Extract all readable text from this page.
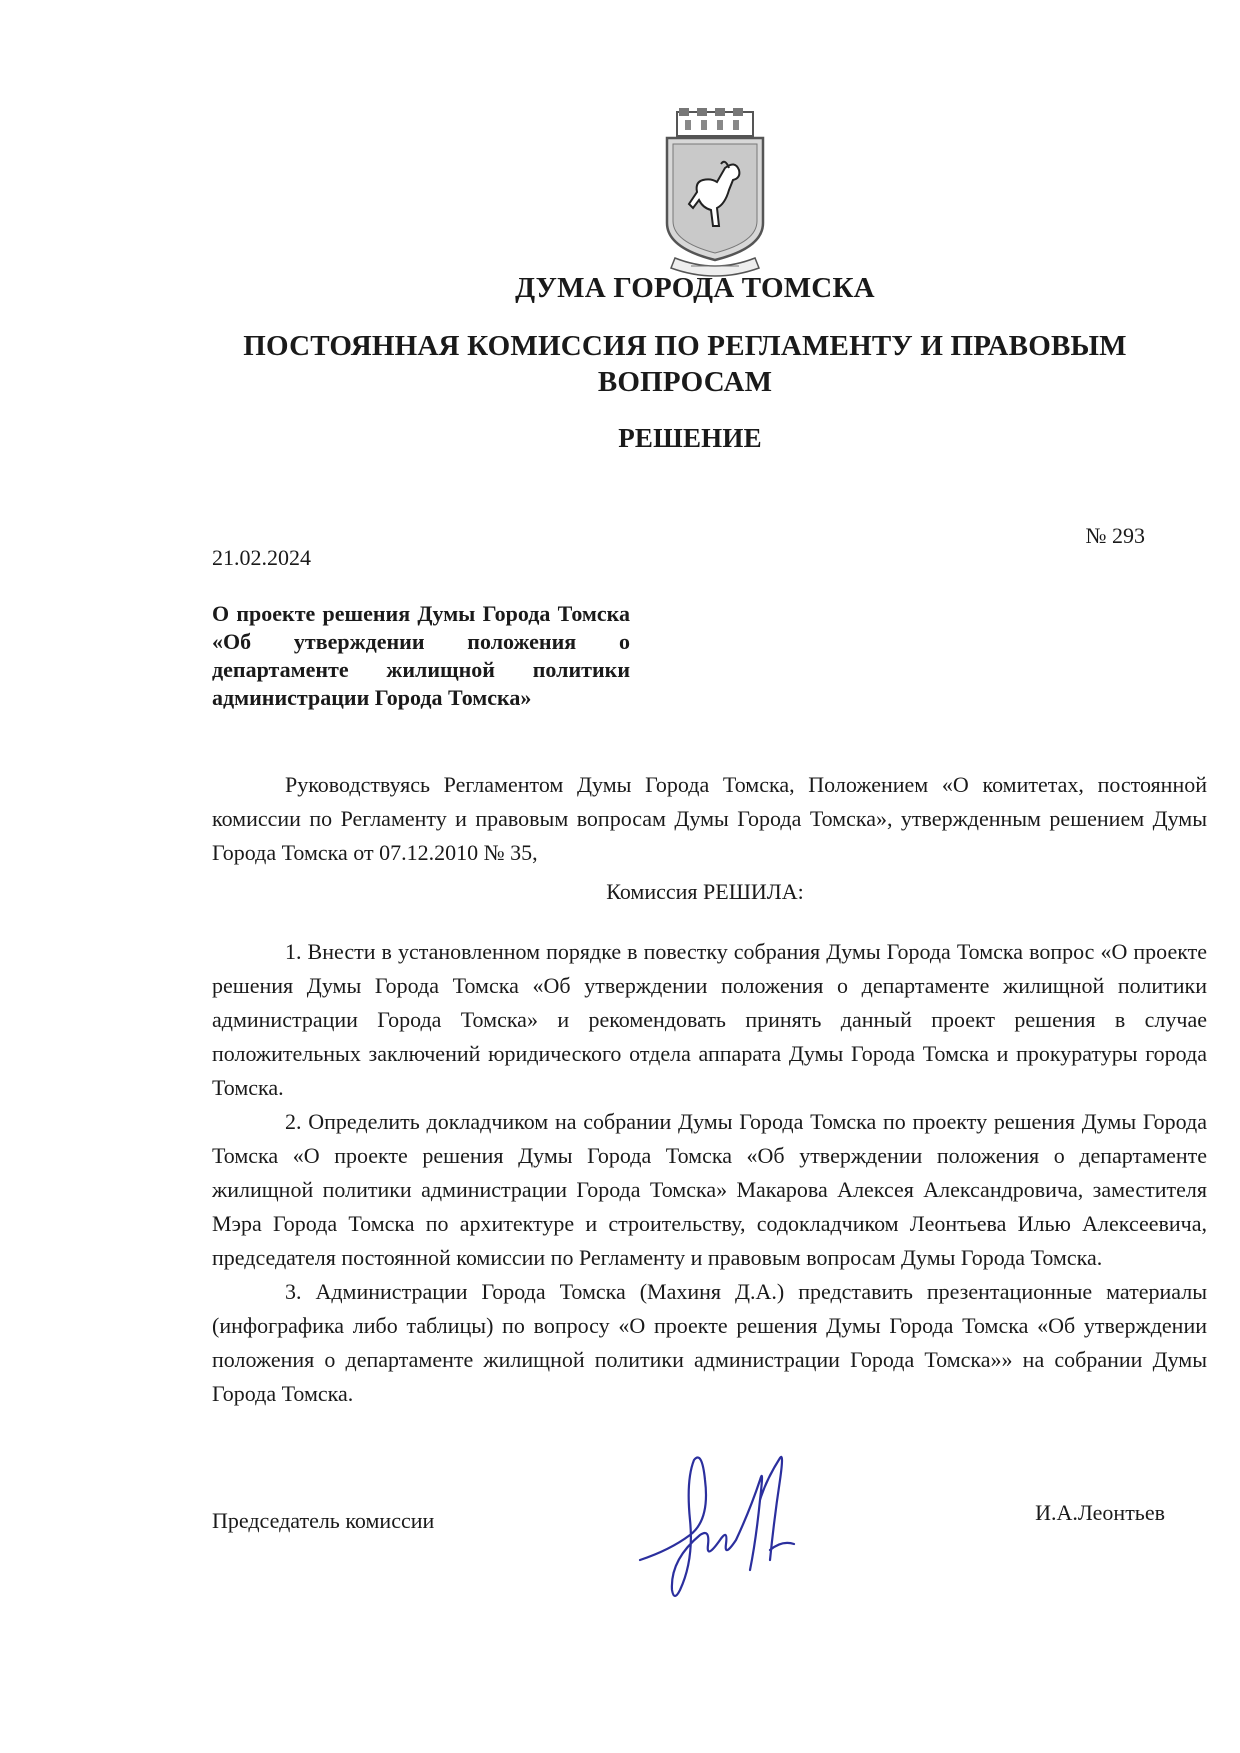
ДУМА ГОРОДА ТОМСКА
ПОСТОЯННАЯ КОМИССИЯ ПО РЕГЛАМЕНТУ И ПРАВОВЫМ
ВОПРОСАМ
РЕШЕНИЕ
21.02.2024
№ 293
О проекте решения Думы Города Томска «Об утверждении положения о департаменте жилищной политики администрации Города Томска»

Руководствуясь Регламентом Думы Города Томска, Положением «О комитетах, постоянной комиссии по Регламенту и правовым вопросам Думы Города Томска», утвержденным решением Думы Города Томска от 07.12.2010 № 35,

Комиссия РЕШИЛА:

1. Внести в установленном порядке в повестку собрания Думы Города Томска вопрос «О проекте решения Думы Города Томска «Об утверждении положения о департаменте жилищной политики администрации Города Томска» и рекомендовать принять данный проект решения в случае положительных заключений юридического отдела аппарата Думы Города Томска и прокуратуры города Томска.

2. Определить докладчиком на собрании Думы Города Томска по проекту решения Думы Города Томска «О проекте решения Думы Города Томска «Об утверждении положения о департаменте жилищной политики администрации Города Томска» Макарова Алексея Александровича, заместителя Мэра Города Томска по архитектуре и строительству, содокладчиком Леонтьева Илью Алексеевича, председателя постоянной комиссии по Регламенту и правовым вопросам Думы Города Томска.

3. Администрации Города Томска (Махиня Д.А.) представить презентационные материалы (инфографика либо таблицы) по вопросу «О проекте решения Думы Города Томска «Об утверждении положения о департаменте жилищной политики администрации Города Томска»» на собрании Думы Города Томска.

Председатель комиссии	И.А.Леонтьев
